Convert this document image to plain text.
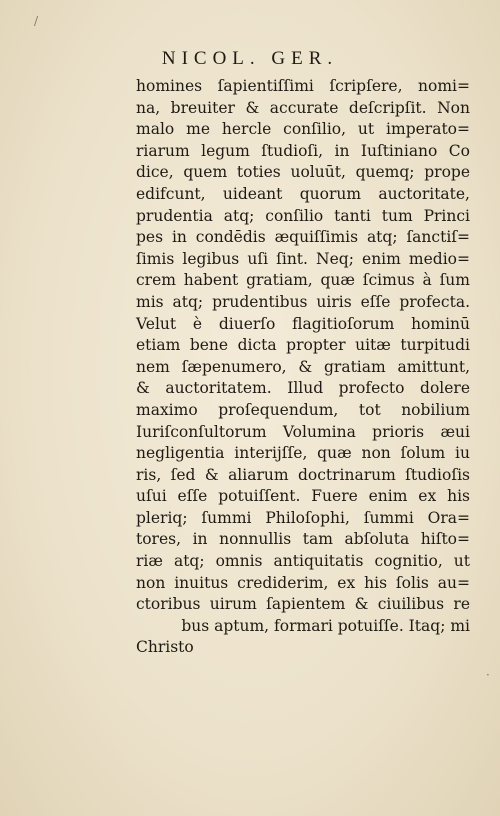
/
NICOL. GER.
homines ſapientiſſimi ſcripſere, nomi=
na, breuiter & accurate deſcripſit. Non
malo me hercle conſilio, ut imperato=
riarum legum ſtudioſi, in Iuſtiniano Co
dice, quem toties uoluūt, quemq; prope
edifcunt, uideant quorum auctoritate,
prudentia atq; conſilio tanti tum Princi
pes in condēdis æquiſſimis atq; ſanctiſ=
ſimis legibus uſi ſint. Neq; enim medio=
crem habent gratiam, quæ ſcimus à ſum
mis atq; prudentibus uiris eſſe profecta.
Velut è diuerſo flagitioſorum hominū
etiam bene dicta propter uitæ turpitudi
nem ſæpenumero, & gratiam amittunt,
& auctoritatem. Illud profecto dolere
maximo proſequendum, tot nobilium
Iuriſconſultorum Volumina prioris æui
negligentia interijſſe, quæ non ſolum iu
ris, ſed & aliarum doctrinarum ſtudioſis
uſui eſſe potuiſſent. Fuere enim ex his
pleriq; ſummi Philoſophi, ſummi Ora=
tores, in nonnullis tam abſoluta hiſto=
riæ atq; omnis antiquitatis cognitio, ut
non inuitus crediderim, ex his ſolis au=
ctoribus uirum ſapientem & ciuilibus re
bus aptum, formari potuiſſe. Itaq; mi
Christo
·
